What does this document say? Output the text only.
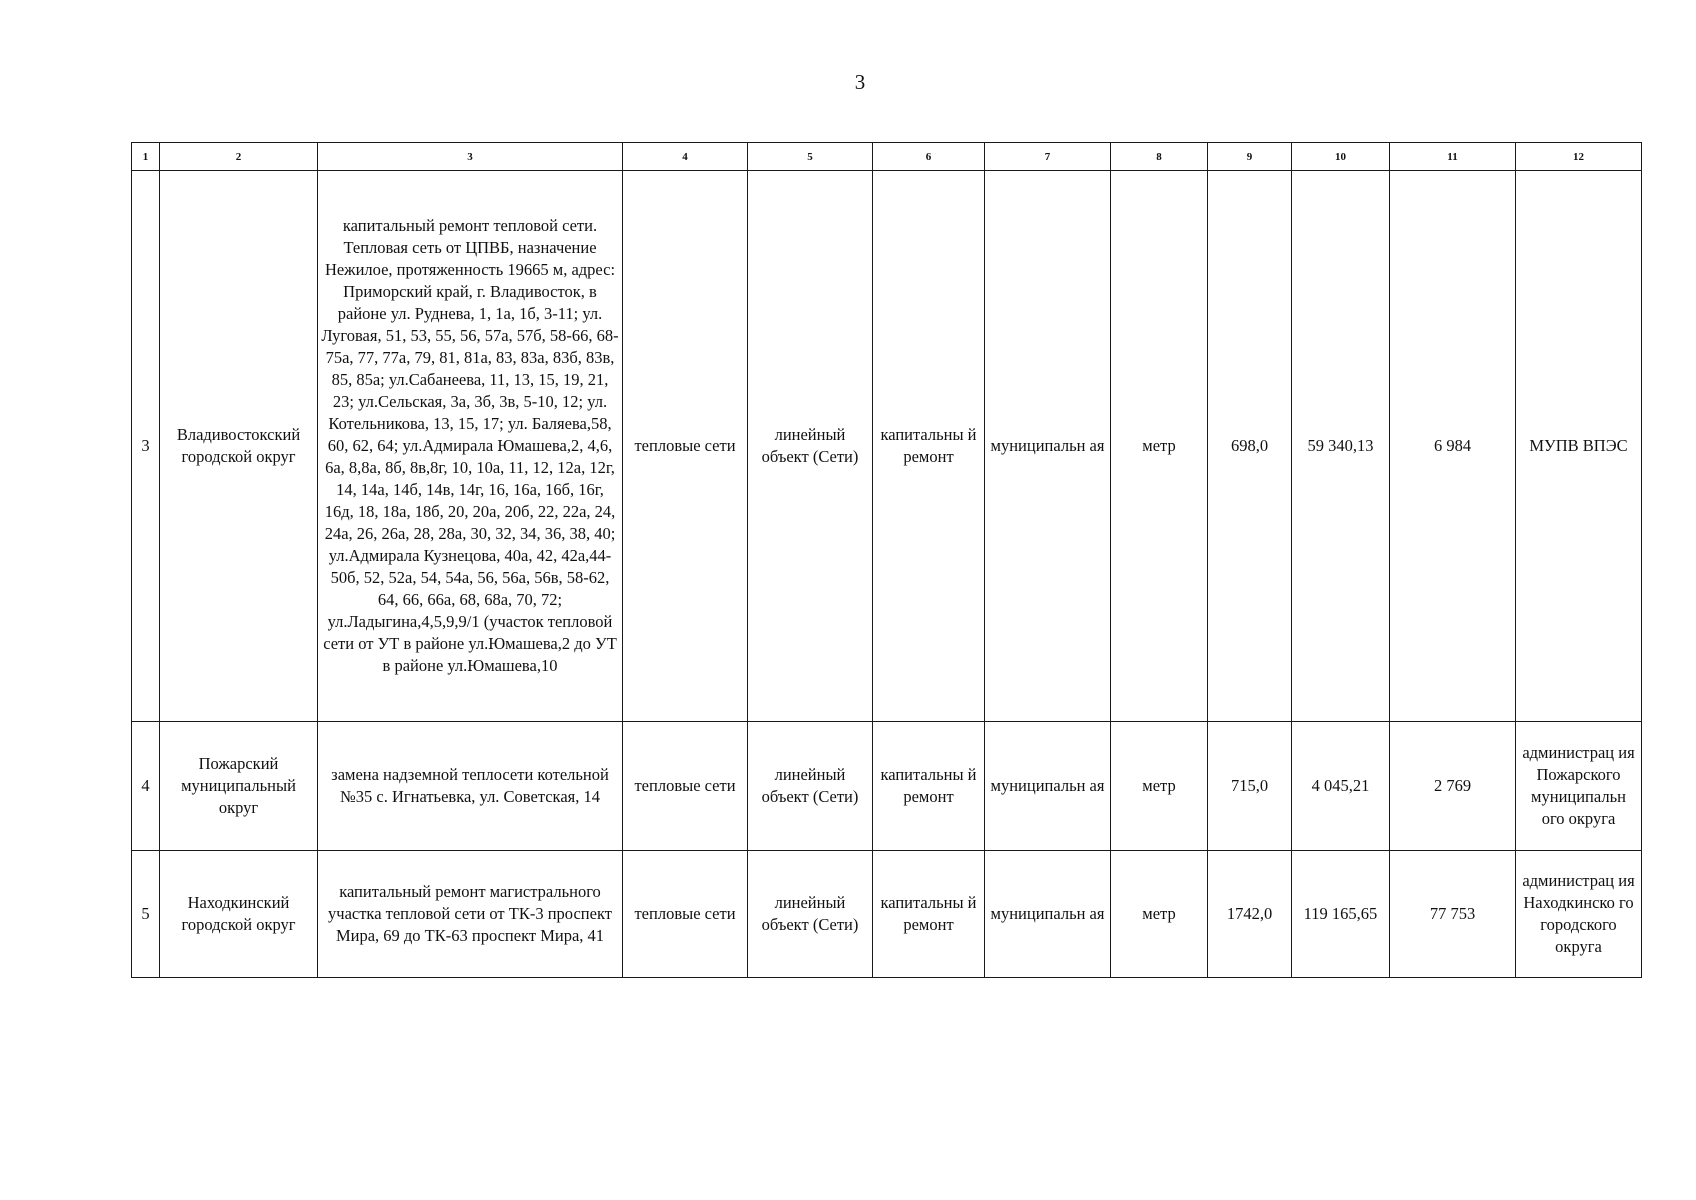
3
1	2	3	4	5	6	7	8	9	10	11	12
3	Владивостокский городской округ	капитальный ремонт тепловой сети. Тепловая сеть от ЦПВБ, назначение Нежилое, протяженность 19665 м, адрес: Приморский край, г. Владивосток, в районе ул. Руднева, 1, 1а, 1б, 3-11; ул. Луговая, 51, 53, 55, 56, 57а, 57б, 58-66, 68-75а, 77, 77а, 79, 81, 81а, 83, 83а, 83б, 83в, 85, 85а; ул.Сабанеева, 11, 13, 15, 19, 21, 23; ул.Сельская, 3а, 3б, 3в, 5-10, 12; ул. Котельникова, 13, 15, 17; ул. Баляева,58, 60, 62, 64; ул.Адмирала Юмашева,2, 4,6, 6а, 8,8а, 8б, 8в,8г, 10, 10а, 11, 12, 12а, 12г, 14, 14а, 14б, 14в, 14г, 16, 16а, 16б, 16г, 16д, 18, 18а, 18б, 20, 20а, 20б, 22, 22а, 24, 24а, 26, 26а, 28, 28а, 30, 32, 34, 36, 38, 40; ул.Адмирала Кузнецова, 40а, 42, 42а,44-50б, 52, 52а, 54, 54а, 56, 56а, 56в, 58-62, 64, 66, 66а, 68, 68а, 70, 72; ул.Ладыгина,4,5,9,9/1 (участок тепловой сети от УТ в районе ул.Юмашева,2 до УТ в районе ул.Юмашева,10	тепловые сети	линейный объект (Сети)	капитальны й ремонт	муниципальн ая	метр	698,0	59 340,13	6 984	МУПВ ВПЭС
4	Пожарский муниципальный округ	замена надземной теплосети котельной №35 с. Игнатьевка, ул. Советская, 14	тепловые сети	линейный объект (Сети)	капитальны й ремонт	муниципальн ая	метр	715,0	4 045,21	2 769	администрац ия Пожарского муниципальн ого округа
5	Находкинский городской округ	капитальный ремонт магистрального участка тепловой сети от ТК-3 проспект Мира, 69 до ТК-63 проспект Мира, 41	тепловые сети	линейный объект (Сети)	капитальны й ремонт	муниципальн ая	метр	1742,0	119 165,65	77 753	администрац ия Находкинско го городского округа
